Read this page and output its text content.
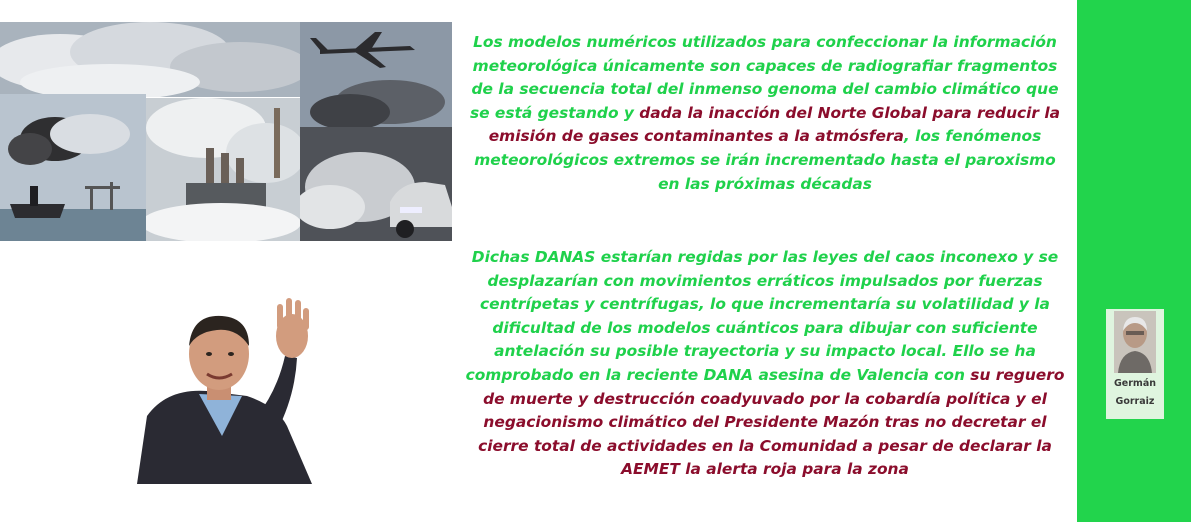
Los modelos numéricos utilizados para confeccionar la información meteorológica únicamente son capaces de radiografiar fragmentos de la secuencia total del inmenso genoma del cambio climático que se está gestando y dada la inacción del Norte Global para reducir la emisión de gases contaminantes a la atmósfera, los fenómenos meteorológicos extremos se irán incrementado hasta el paroxismo en las próximas décadas
Dichas DANAS estarían regidas por las leyes del caos inconexo y se desplazarían con movimientos erráticos impulsados por fuerzas centrípetas y centrífugas, lo que incrementaría su volatilidad y la dificultad de los modelos cuánticos para dibujar con suficiente antelación su posible trayectoria y su impacto local. Ello se ha comprobado en la reciente DANA asesina de Valencia con su reguero de muerte y destrucción coadyuvado por la cobardía política y el negacionismo climático del Presidente Mazón tras no decretar el cierre total de actividades en la Comunidad a pesar de declarar la AEMET la alerta roja para la zona
Germán
Gorraiz
